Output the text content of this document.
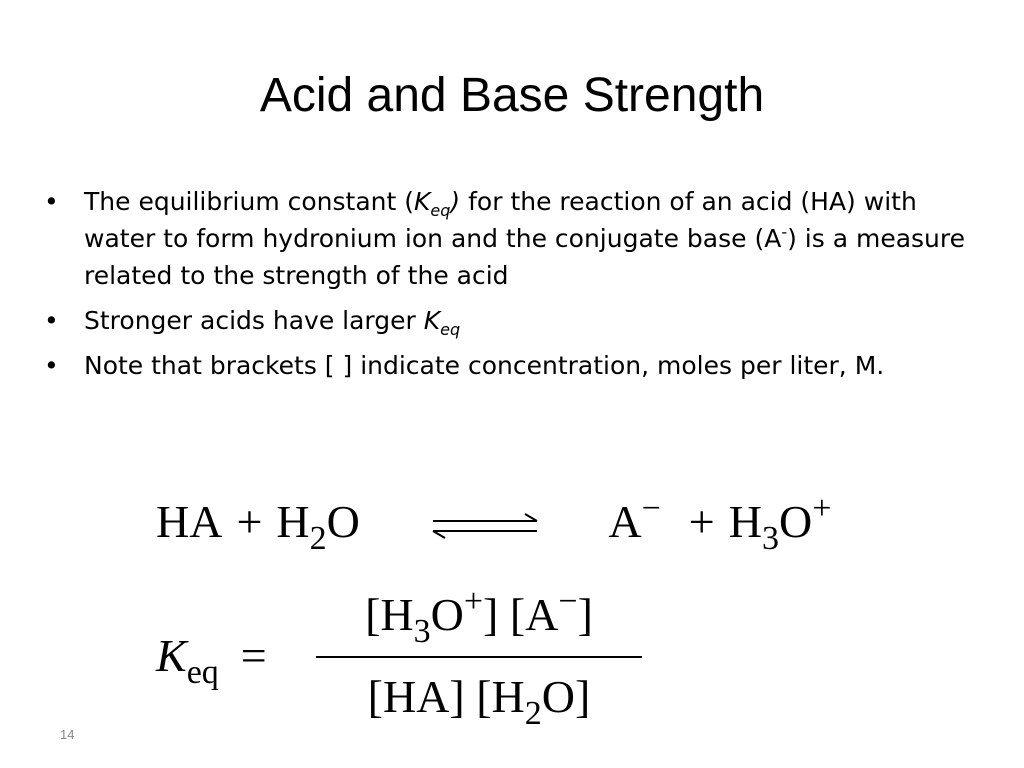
Acid and Base Strength
• The equilibrium constant $(K_{eq})$ for the reaction of an acid (HA) with water to form hydronium ion and the conjugate base (A-) is a measure related to the strength of the acid
• Stronger acids have larger $K_{eq}$
• Note that brackets [ ] indicate concentration, moles per liter, M.
HA + $H_2O$ ⇌ $A^- + H_3O^+$
$K_{eq}$ =
$[H_3O^+]$ [A−]
[HA] $[H_2O]$
14
